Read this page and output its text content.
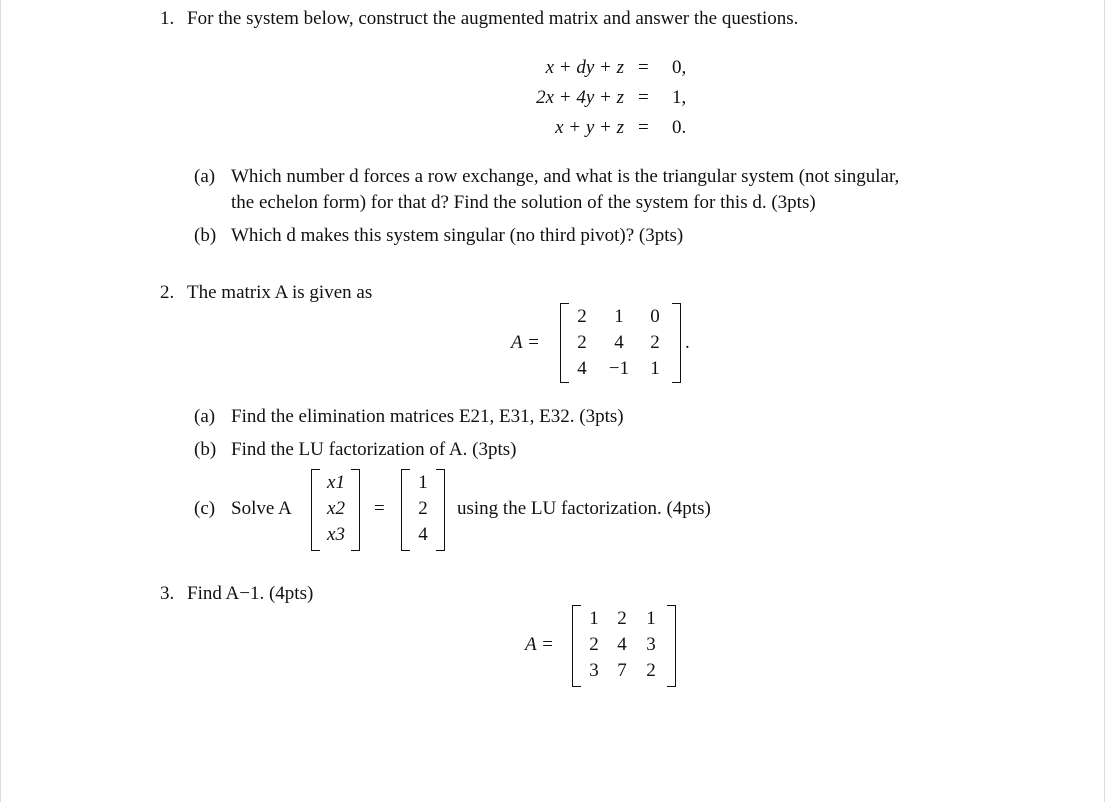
1. For the system below, construct the augmented matrix and answer the questions.
x + dy + z = 0,
2x + 4y + z = 1,
x + y + z = 0.
(a) Which number d forces a row exchange, and what is the triangular system (not singular,
the echelon form) for that d? Find the solution of the system for this d. (3pts)
(b) Which d makes this system singular (no third pivot)? (3pts)
2. The matrix A is given as
A =
2	1	0
2	4	2
4	−1	1
.
(a) Find the elimination matrices E21, E31, E32. (3pts)
(b) Find the LU factorization of A. (3pts)
(c) Solve A
x1
x2
x3
=
1
2
4
using the LU factorization. (4pts)
3. Find A−1. (4pts)
A =
1 2	1
2 4	3
3 7	2
